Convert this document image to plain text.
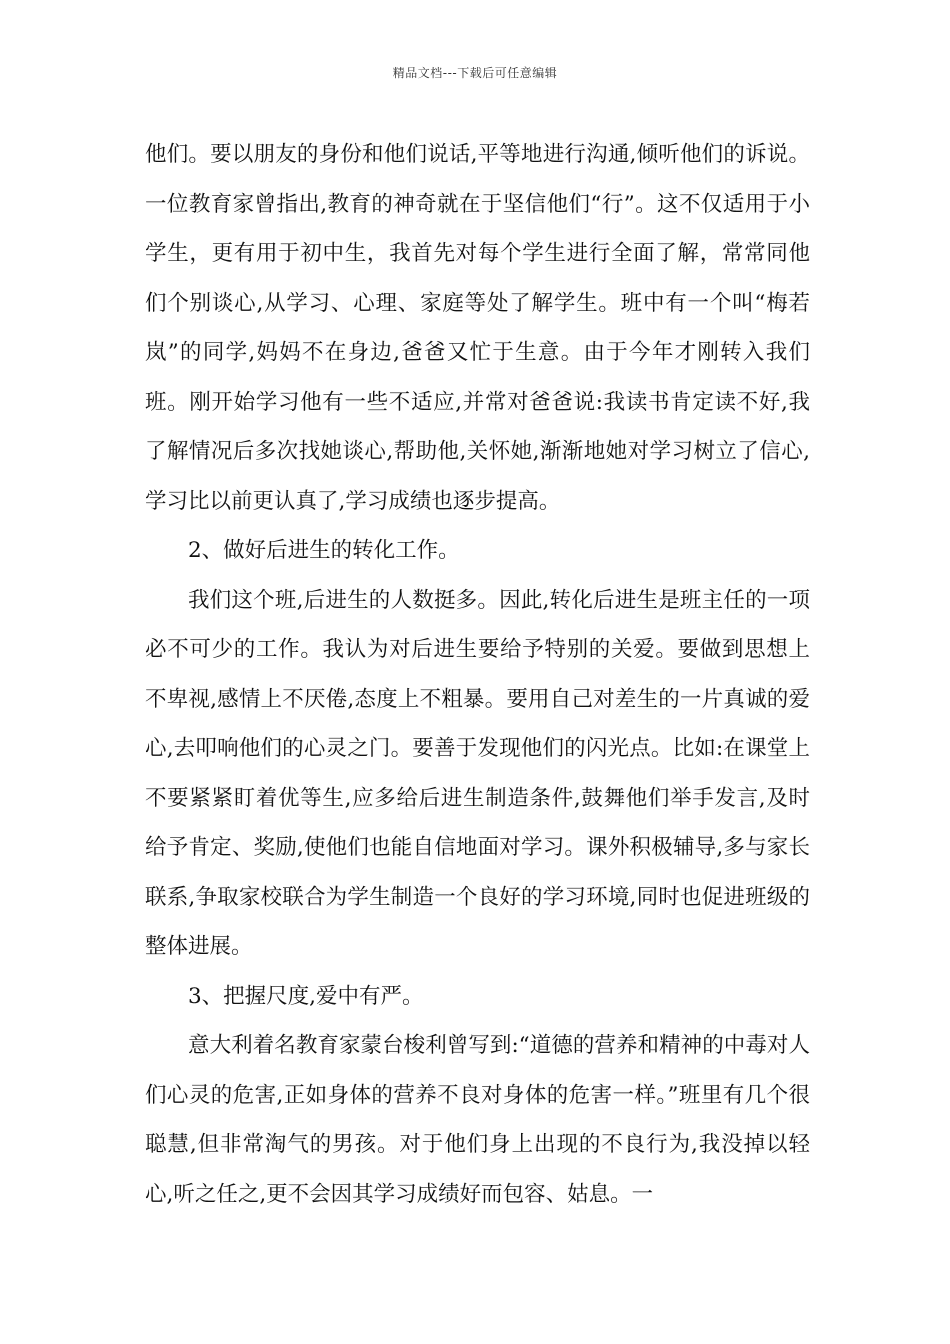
精品文档---下载后可任意编辑

他们。要以朋友的身份和他们说话,平等地进行沟通,倾听他们的诉说。一位教育家曾指出,教育的神奇就在于坚信他们“行”。这不仅适用于小学生，更有用于初中生，我首先对每个学生进行全面了解，常常同他们个别谈心,从学习、心理、家庭等处了解学生。班中有一个叫“梅若岚”的同学,妈妈不在身边,爸爸又忙于生意。由于今年才刚转入我们班。刚开始学习他有一些不适应,并常对爸爸说:我读书肯定读不好,我了解情况后多次找她谈心,帮助他,关怀她,渐渐地她对学习树立了信心,学习比以前更认真了,学习成绩也逐步提高。

2、做好后进生的转化工作。

我们这个班,后进生的人数挺多。因此,转化后进生是班主任的一项必不可少的工作。我认为对后进生要给予特别的关爱。要做到思想上不卑视,感情上不厌倦,态度上不粗暴。要用自己对差生的一片真诚的爱心,去叩响他们的心灵之门。要善于发现他们的闪光点。比如:在课堂上不要紧紧盯着优等生,应多给后进生制造条件,鼓舞他们举手发言,及时给予肯定、奖励,使他们也能自信地面对学习。课外积极辅导,多与家长联系,争取家校联合为学生制造一个良好的学习环境,同时也促进班级的整体进展。

3、把握尺度,爱中有严。

意大利着名教育家蒙台梭利曾写到:“道德的营养和精神的中毒对人们心灵的危害,正如身体的营养不良对身体的危害一样。”班里有几个很聪慧,但非常淘气的男孩。对于他们身上出现的不良行为,我没掉以轻心,听之任之,更不会因其学习成绩好而包容、姑息。一
